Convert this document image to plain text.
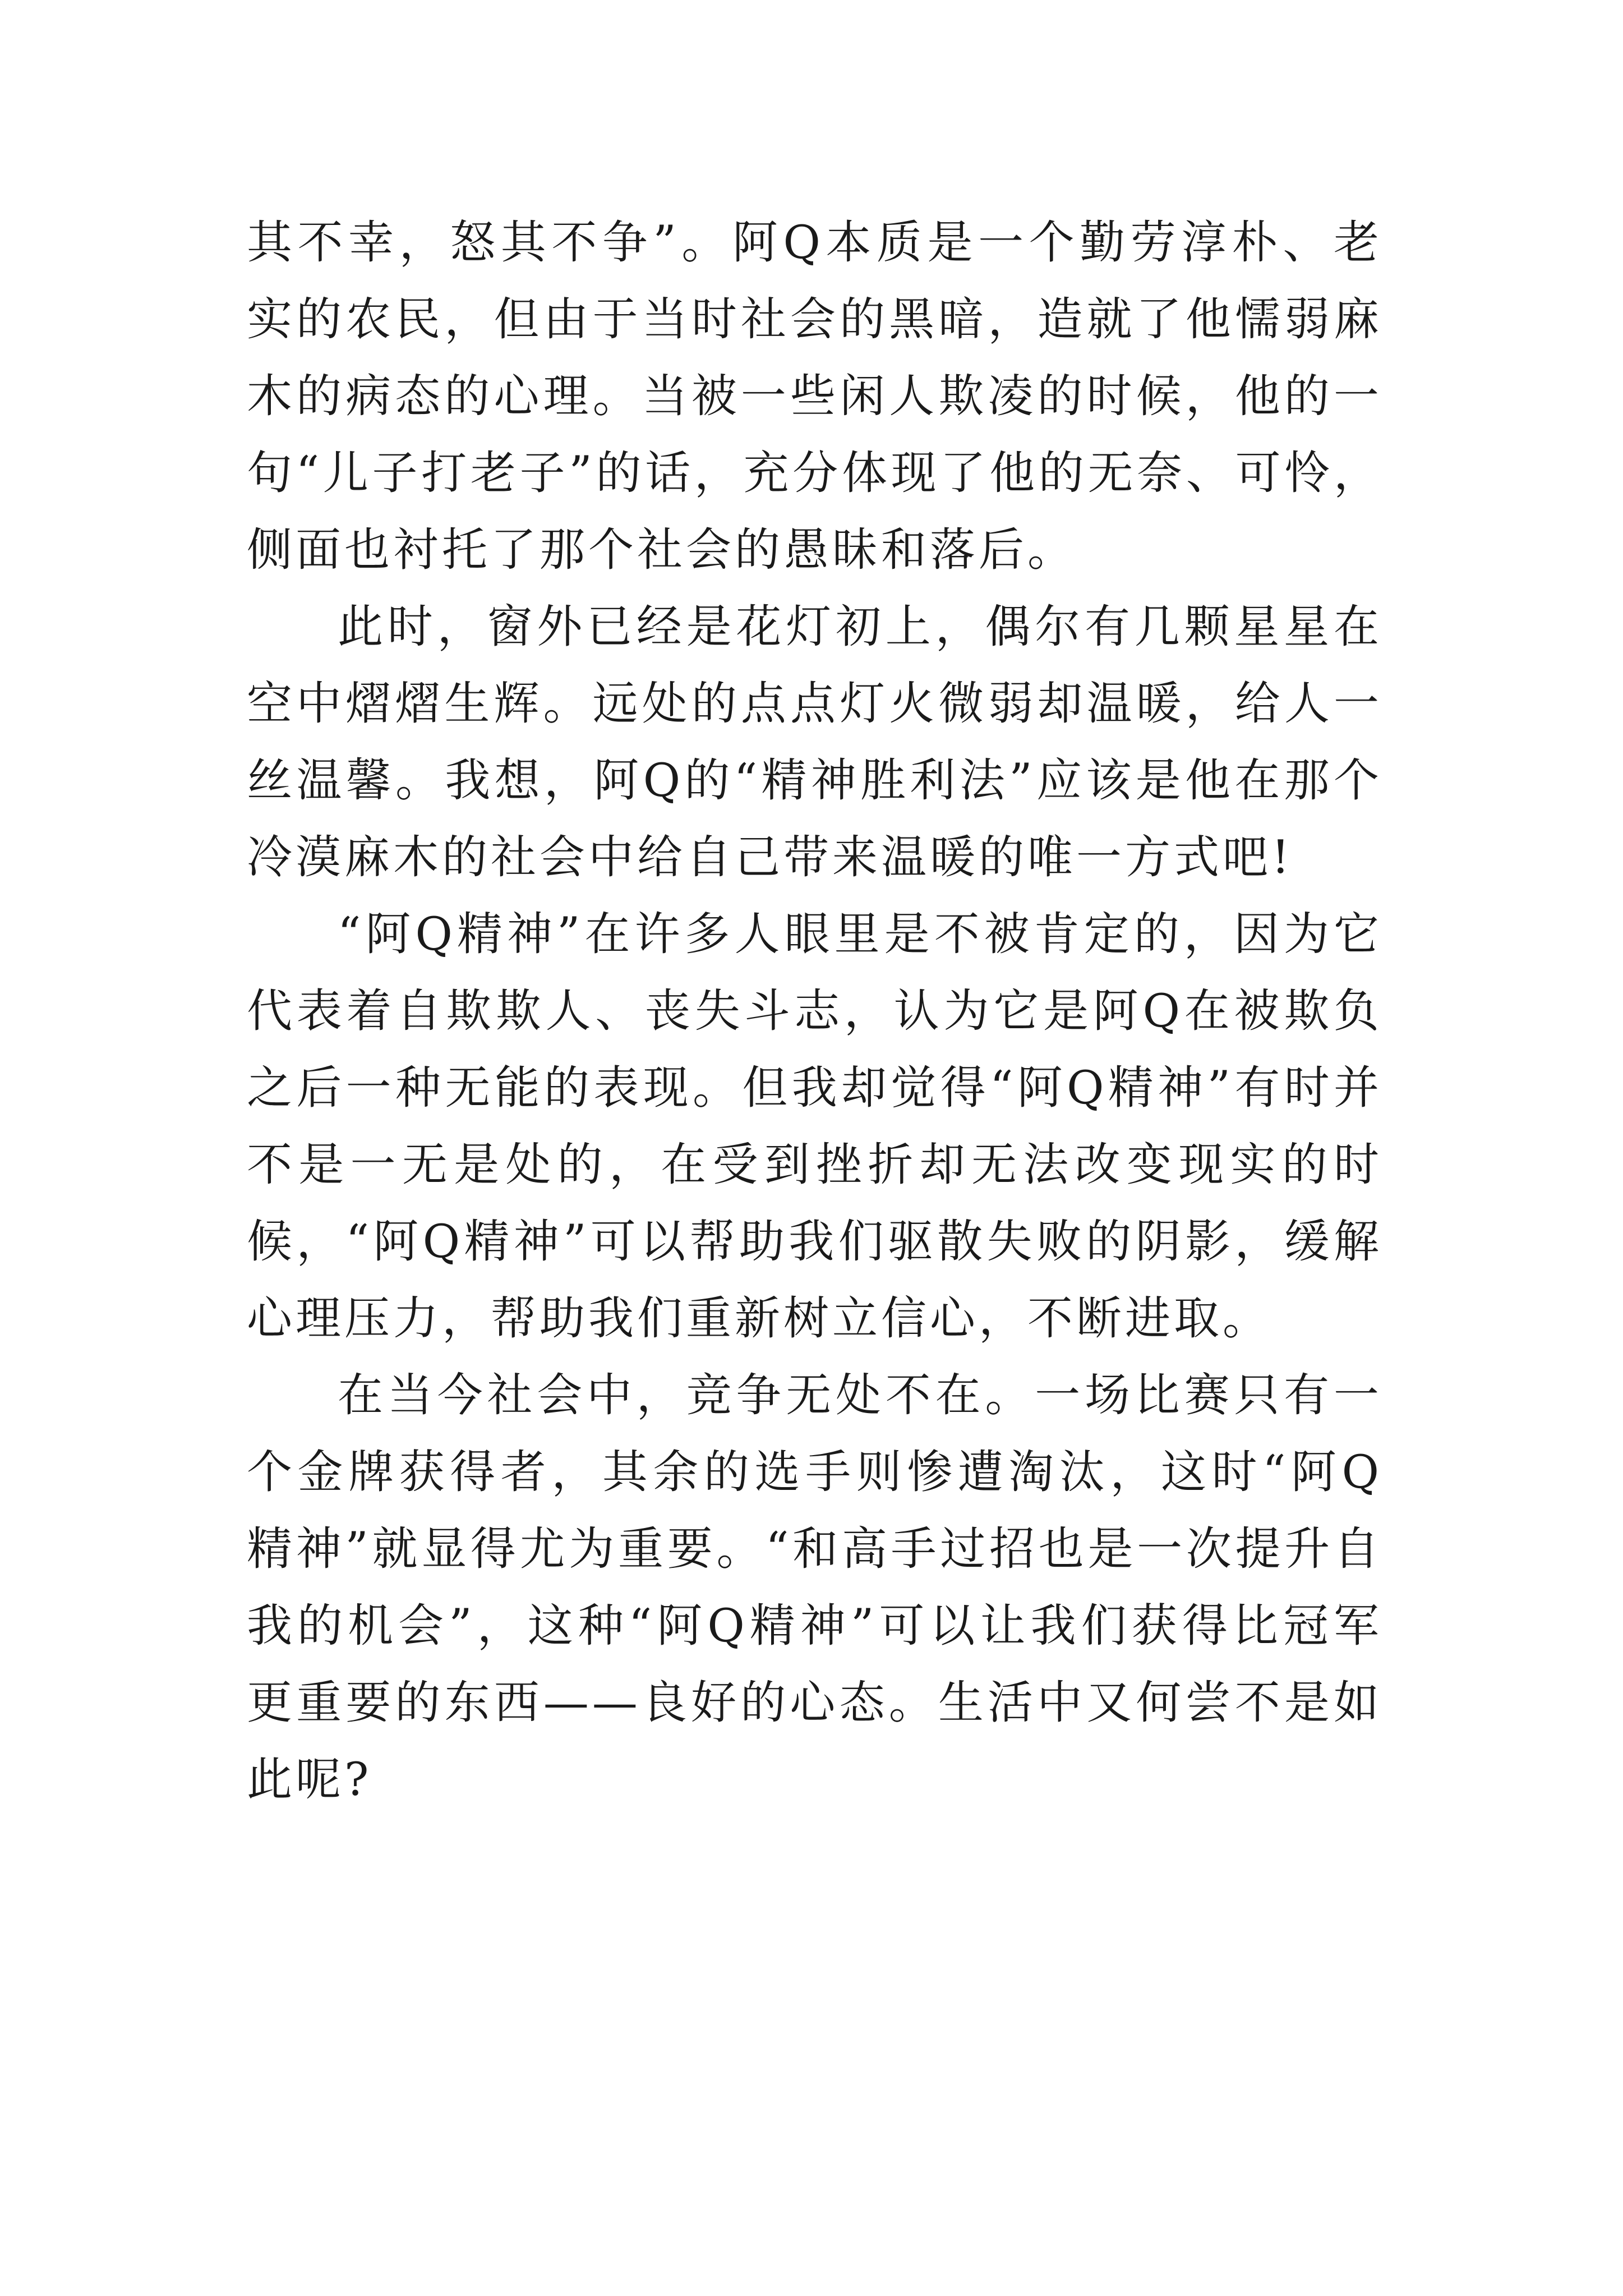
其不幸，怒其不争”。阿Q本质是一个勤劳淳朴、老实的农民，但由于当时社会的黑暗，造就了他懦弱麻木的病态的心理。当被一些闲人欺凌的时候，他的一句“儿子打老子”的话，充分体现了他的无奈、可怜，侧面也衬托了那个社会的愚昧和落后。

此时，窗外已经是花灯初上，偶尔有几颗星星在空中熠熠生辉。远处的点点灯火微弱却温暖，给人一丝温馨。我想，阿Q的“精神胜利法”应该是他在那个冷漠麻木的社会中给自己带来温暖的唯一方式吧!

“阿Q精神”在许多人眼里是不被肯定的，因为它代表着自欺欺人、丧失斗志，认为它是阿Q在被欺负之后一种无能的表现。但我却觉得“阿Q精神”有时并不是一无是处的，在受到挫折却无法改变现实的时候，“阿Q精神”可以帮助我们驱散失败的阴影，缓解心理压力，帮助我们重新树立信心，不断进取。

在当今社会中，竞争无处不在。一场比赛只有一个金牌获得者，其余的选手则惨遭淘汰，这时“阿Q精神”就显得尤为重要。“和高手过招也是一次提升自我的机会”，这种“阿Q精神”可以让我们获得比冠军更重要的东西——良好的心态。生活中又何尝不是如此呢?
